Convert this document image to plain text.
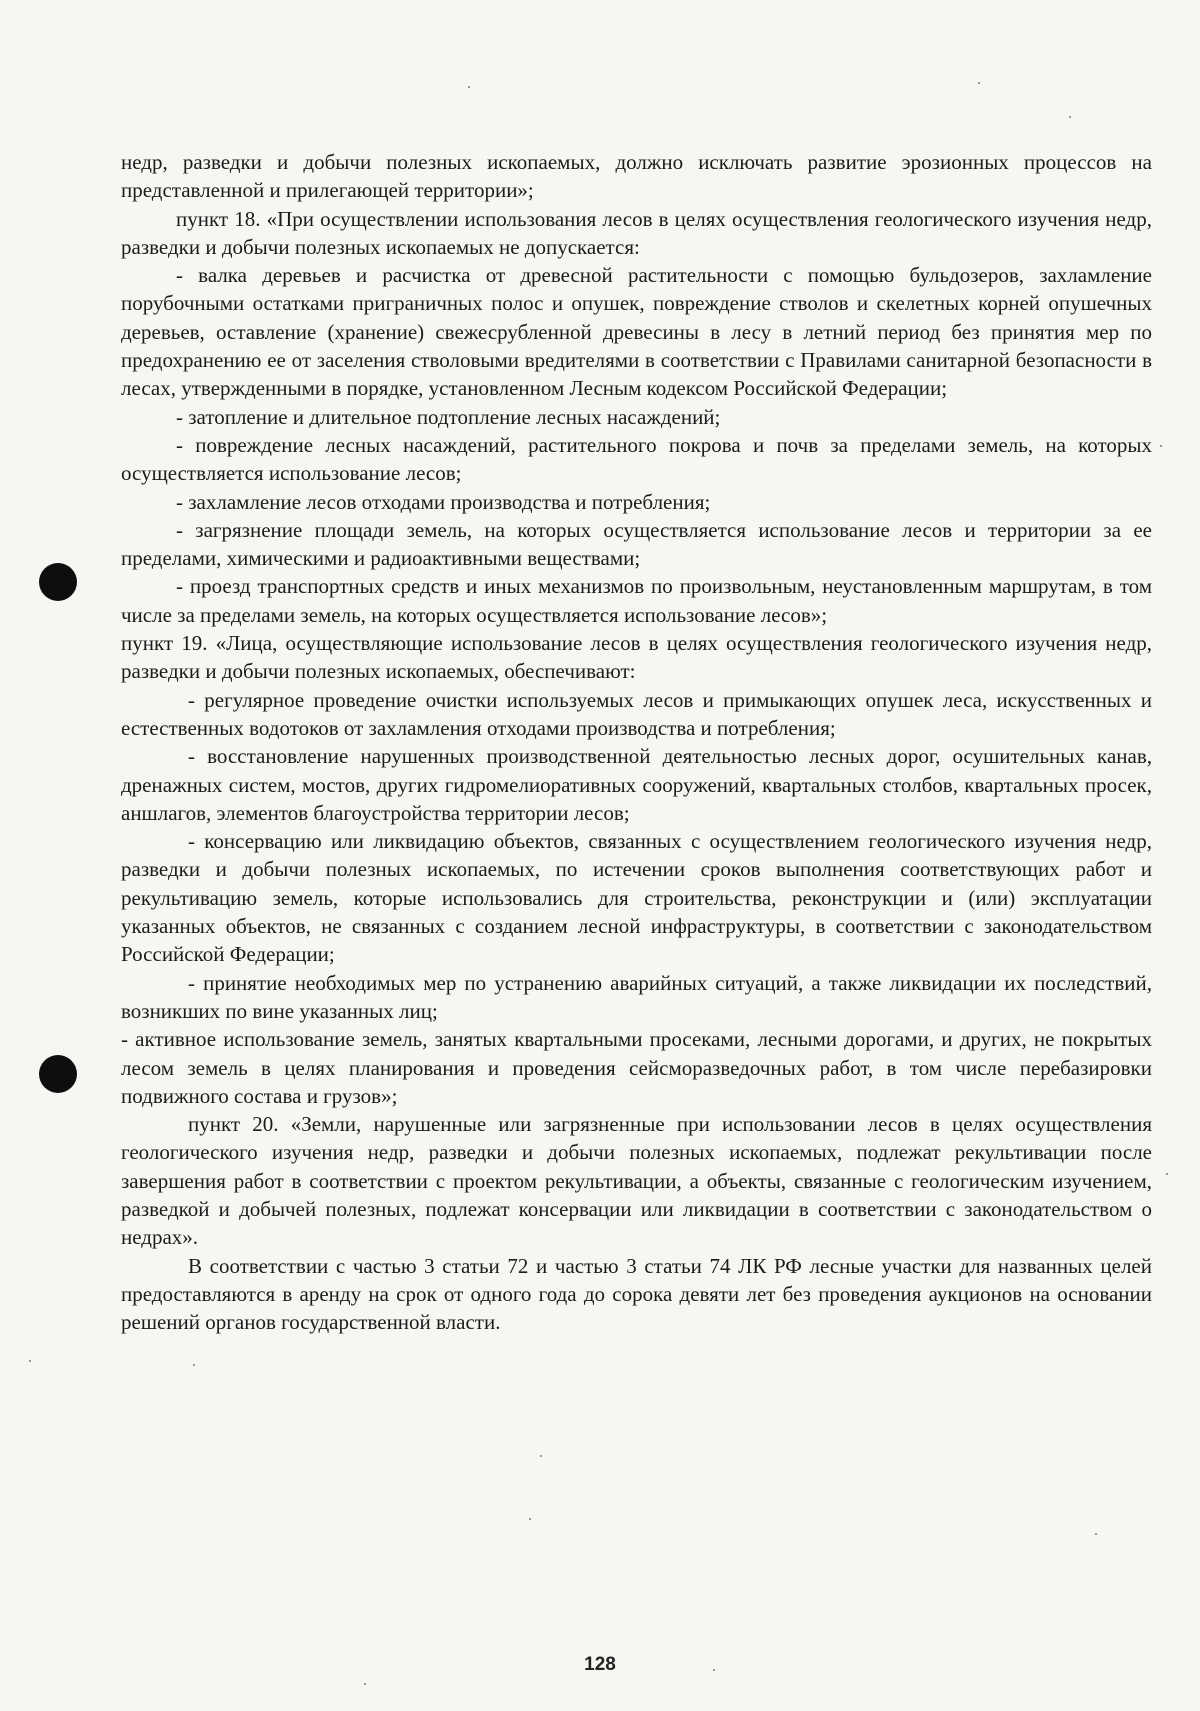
недр, разведки и добычи полезных ископаемых, должно исключать развитие эрозионных процессов на представленной и прилегающей территории»;

пункт 18. «При осуществлении использования лесов в целях осуществления геологического изучения недр, разведки и добычи полезных ископаемых не допускается:

- валка деревьев и расчистка от древесной растительности с помощью бульдозеров, захламление порубочными остатками приграничных полос и опушек, повреждение стволов и скелетных корней опушечных деревьев, оставление (хранение) свежесрубленной древесины в лесу в летний период без принятия мер по предохранению ее от заселения стволовыми вредителями в соответствии с Правилами санитарной безопасности в лесах, утвержденными в порядке, установленном Лесным кодексом Российской Федерации;

- затопление и длительное подтопление лесных насаждений;

- повреждение лесных насаждений, растительного покрова и почв за пределами земель, на которых осуществляется использование лесов;

- захламление лесов отходами производства и потребления;

- загрязнение площади земель, на которых осуществляется использование лесов и территории за ее пределами, химическими и радиоактивными веществами;

- проезд транспортных средств и иных механизмов по произвольным, неустановленным маршрутам, в том числе за пределами земель, на которых осуществляется использование лесов»;

пункт 19. «Лица, осуществляющие использование лесов в целях осуществления геологического изучения недр, разведки и добычи полезных ископаемых, обеспечивают:

- регулярное проведение очистки используемых лесов и примыкающих опушек леса, искусственных и естественных водотоков от захламления отходами производства и потребления;

- восстановление нарушенных производственной деятельностью лесных дорог, осушительных канав, дренажных систем, мостов, других гидромелиоративных сооружений, квартальных столбов, квартальных просек, аншлагов, элементов благоустройства территории лесов;

- консервацию или ликвидацию объектов, связанных с осуществлением геологического изучения недр, разведки и добычи полезных ископаемых, по истечении сроков выполнения соответствующих работ и рекультивацию земель, которые использовались для строительства, реконструкции и (или) эксплуатации указанных объектов, не связанных с созданием лесной инфраструктуры, в соответствии с законодательством Российской Федерации;

- принятие необходимых мер по устранению аварийных ситуаций, а также ликвидации их последствий, возникших по вине указанных лиц;

- активное использование земель, занятых квартальными просеками, лесными дорогами, и других, не покрытых лесом земель в целях планирования и проведения сейсморазведочных работ, в том числе перебазировки подвижного состава и грузов»;

пункт 20. «Земли, нарушенные или загрязненные при использовании лесов в целях осуществления геологического изучения недр, разведки и добычи полезных ископаемых, подлежат рекультивации после завершения работ в соответствии с проектом рекультивации, а объекты, связанные с геологическим изучением, разведкой и добычей полезных, подлежат консервации или ликвидации в соответствии с законодательством о недрах».

В соответствии с частью 3 статьи 72 и частью 3 статьи 74 ЛК РФ лесные участки для названных целей предоставляются в аренду на срок от одного года до сорока девяти лет без проведения аукционов на основании решений органов государственной власти.

128
